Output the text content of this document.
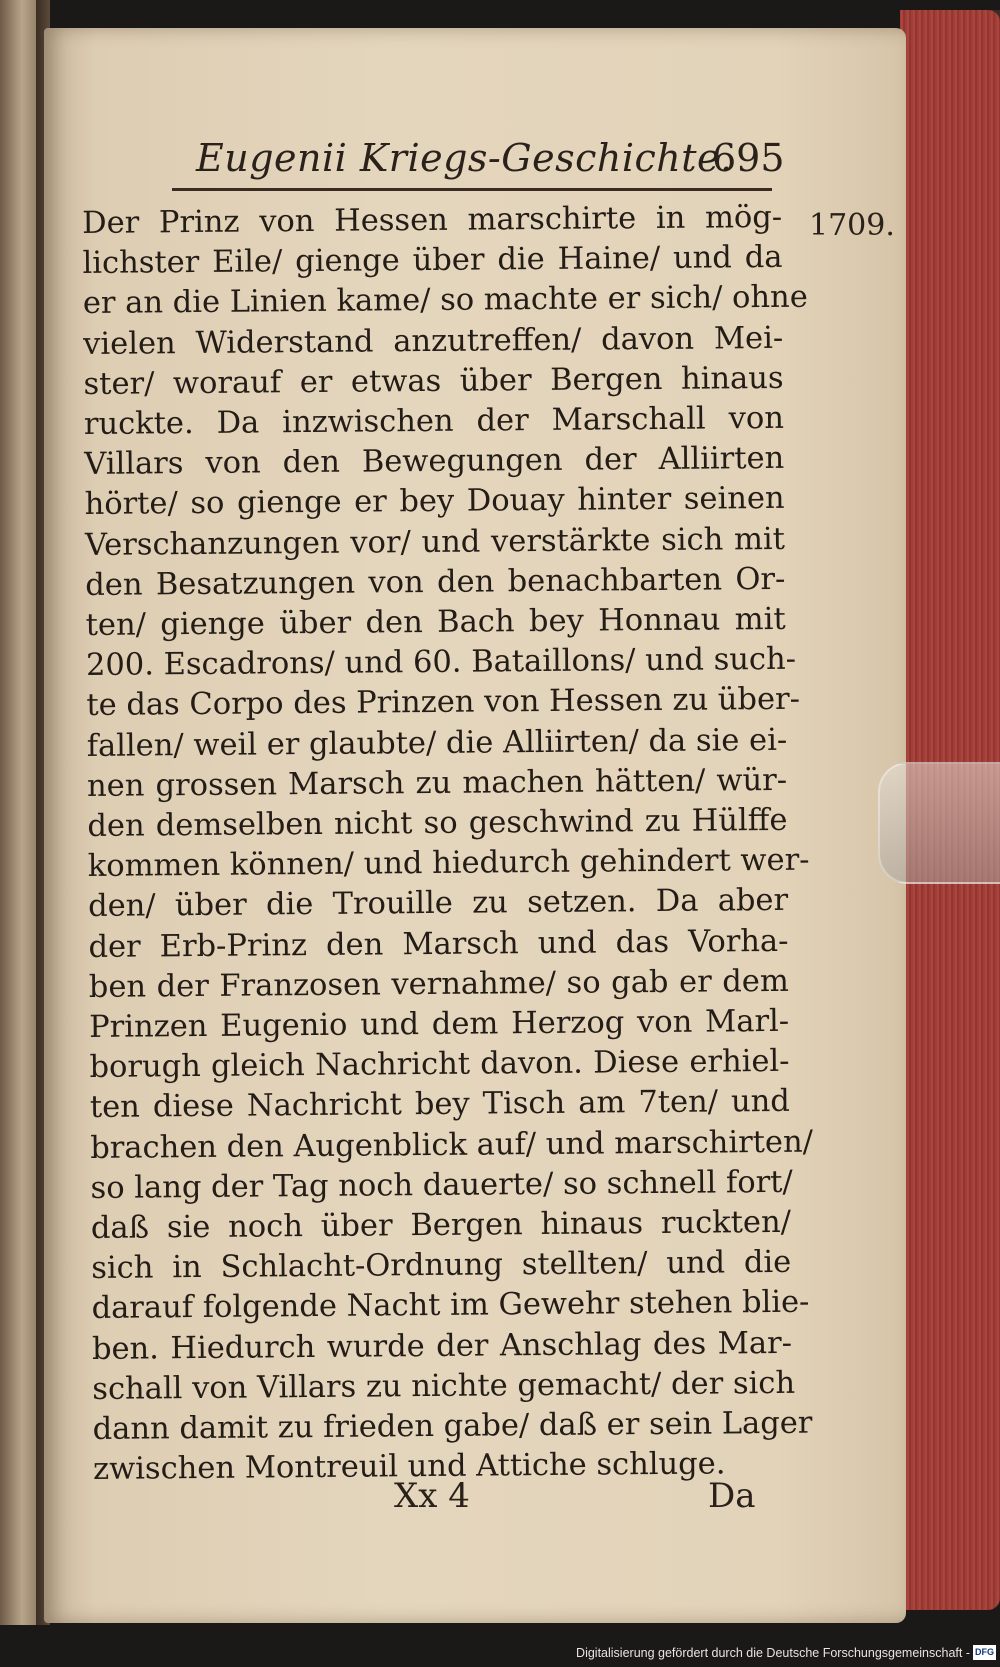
Eugenii Kriegs-Geschichte.
695
1709.
Der Prinz von Hessen marschirte in mög-
lichster Eile/ gienge über die Haine/ und da
er an die Linien kame/ so machte er sich/ ohne
vielen Widerstand anzutreffen/ davon Mei-
ster/ worauf er etwas über Bergen hinaus
ruckte. Da inzwischen der Marschall von
Villars von den Bewegungen der Alliirten
hörte/ so gienge er bey Douay hinter seinen
Verschanzungen vor/ und verstärkte sich mit
den Besatzungen von den benachbarten Or-
ten/ gienge über den Bach bey Honnau mit
200. Escadrons/ und 60. Bataillons/ und such-
te das Corpo des Prinzen von Hessen zu über-
fallen/ weil er glaubte/ die Alliirten/ da sie ei-
nen grossen Marsch zu machen hätten/ wür-
den demselben nicht so geschwind zu Hülffe
kommen können/ und hiedurch gehindert wer-
den/ über die Trouille zu setzen. Da aber
der Erb-Prinz den Marsch und das Vorha-
ben der Franzosen vernahme/ so gab er dem
Prinzen Eugenio und dem Herzog von Marl-
borugh gleich Nachricht davon. Diese erhiel-
ten diese Nachricht bey Tisch am 7ten/ und
brachen den Augenblick auf/ und marschirten/
so lang der Tag noch dauerte/ so schnell fort/
daß sie noch über Bergen hinaus ruckten/
sich in Schlacht-Ordnung stellten/ und die
darauf folgende Nacht im Gewehr stehen blie-
ben. Hiedurch wurde der Anschlag des Mar-
schall von Villars zu nichte gemacht/ der sich
dann damit zu frieden gabe/ daß er sein Lager
zwischen Montreuil und Attiche schluge.
Xx 4	Da
Digitalisierung gefördert durch die Deutsche Forschungsgemeinschaft - DFG
